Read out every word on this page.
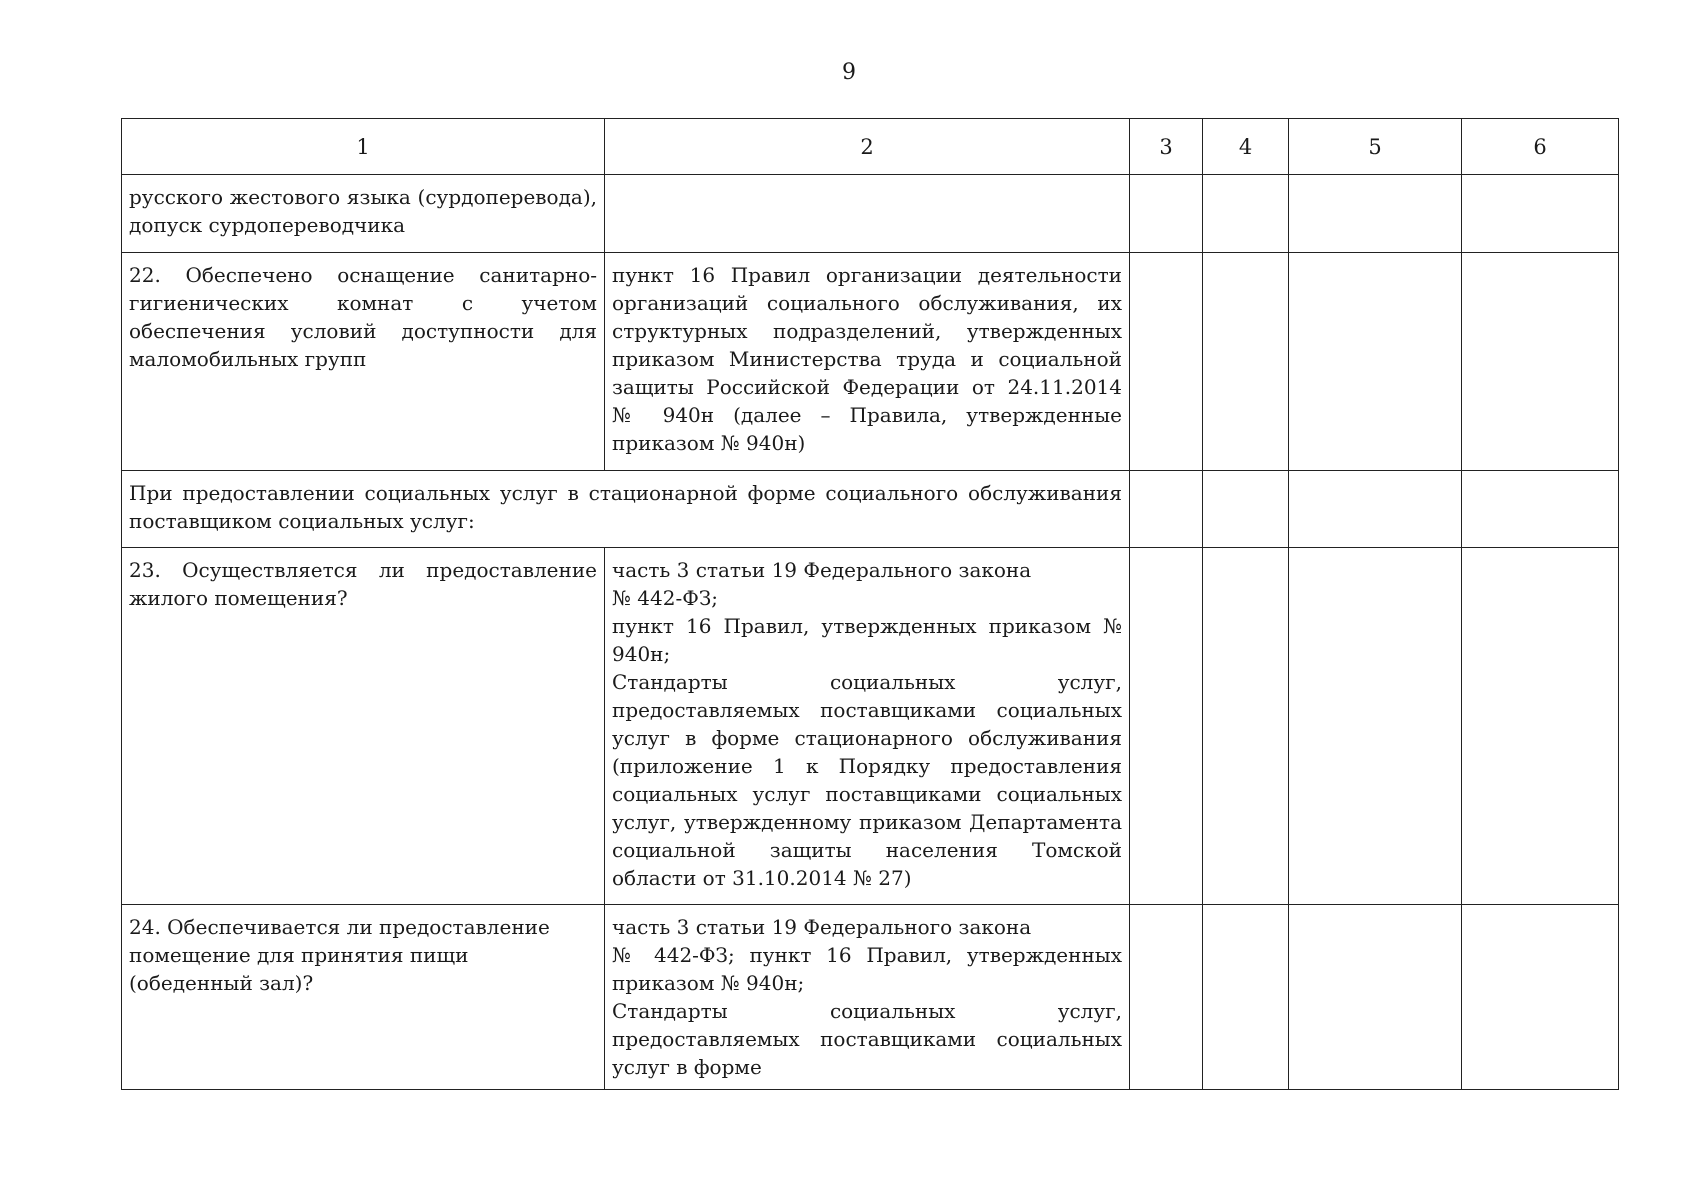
9
1	2	3	4	5	6
русского жестового языка (сурдоперевода), допуск сурдопереводчика					
22. Обеспечено оснащение санитарно-гигиенических комнат с учетом обеспечения условий доступности для маломобильных групп	пункт 16 Правил организации деятельности организаций социального обслуживания, их структурных подразделений, утвержденных приказом Министерства труда и социальной защиты Российской Федерации от 24.11.2014 № 940н (далее – Правила, утвержденные приказом № 940н)				

При предоставлении социальных услуг в стационарной форме социального обслуживания поставщиком социальных услуг:					
23. Осуществляется ли предоставление жилого помещения?	часть 3 статьи 19 Федерального закона
№ 442-ФЗ;
пункт 16 Правил, утвержденных приказом № 940н;
Стандарты социальных услуг, предоставляемых поставщиками социальных услуг в форме стационарного обслуживания (приложение 1 к Порядку предоставления социальных услуг поставщиками социальных услуг, утвержденному приказом Департамента социальной защиты населения Томской области от 31.10.2014 № 27)				

24. Обеспечивается ли предоставление помещение для принятия пищи (обеденный зал)?	часть 3 статьи 19 Федерального закона
№ 442-ФЗ; пункт 16 Правил, утвержденных приказом № 940н;
Стандарты социальных услуг, предоставляемых поставщиками социальных услуг в форме				
